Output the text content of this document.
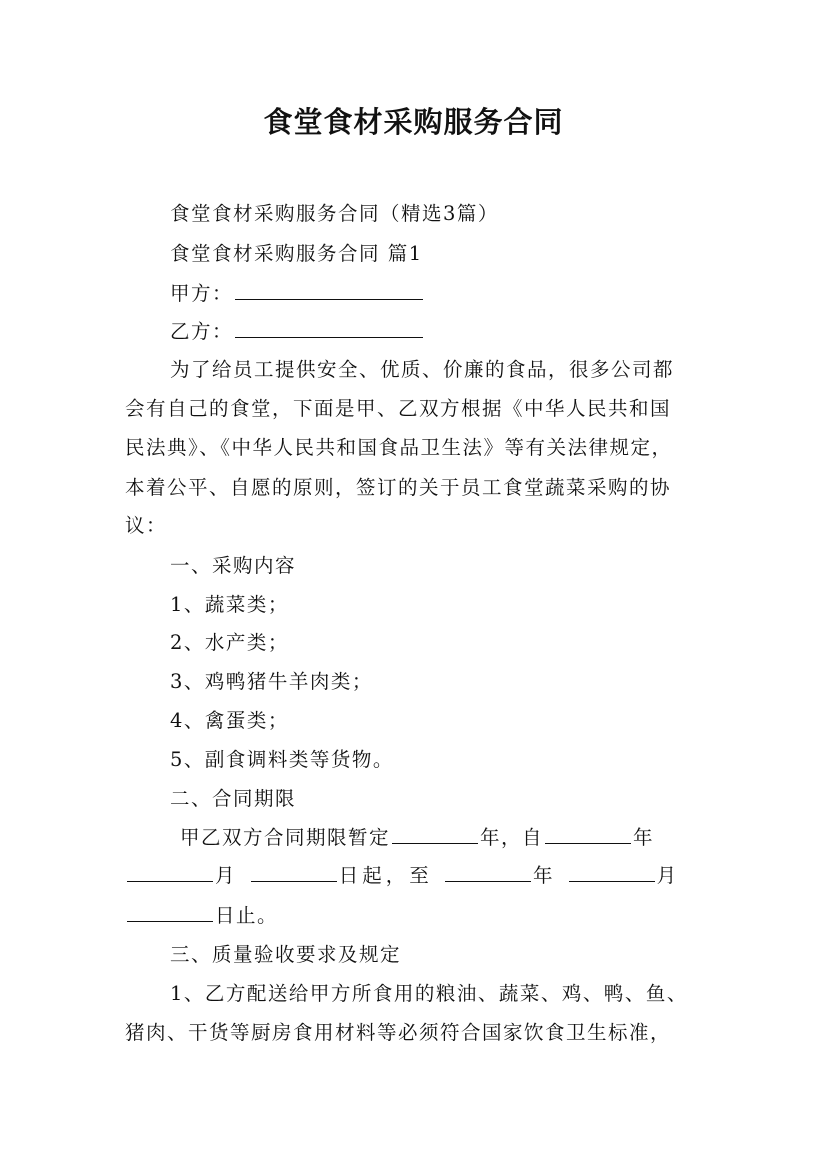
食堂食材采购服务合同
食堂食材采购服务合同（精选3篇）
食堂食材采购服务合同 篇1
甲方：
乙方：
为了给员工提供安全、优质、价廉的食品，很多公司都
会有自己的食堂，下面是甲、乙双方根据《中华人民共和国
民法典》、《中华人民共和国食品卫生法》等有关法律规定，
本着公平、自愿的原则，签订的关于员工食堂蔬菜采购的协
议：
一、采购内容
1、蔬菜类；
2、水产类；
3、鸡鸭猪牛羊肉类；
4、禽蛋类；
5、副食调料类等货物。
二、合同期限
甲乙双方合同期限暂定	年，自	年
月	日起，至	年	月
日止。
三、质量验收要求及规定
1、乙方配送给甲方所食用的粮油、蔬菜、鸡、鸭、鱼、
猪肉、干货等厨房食用材料等必须符合国家饮食卫生标准，
